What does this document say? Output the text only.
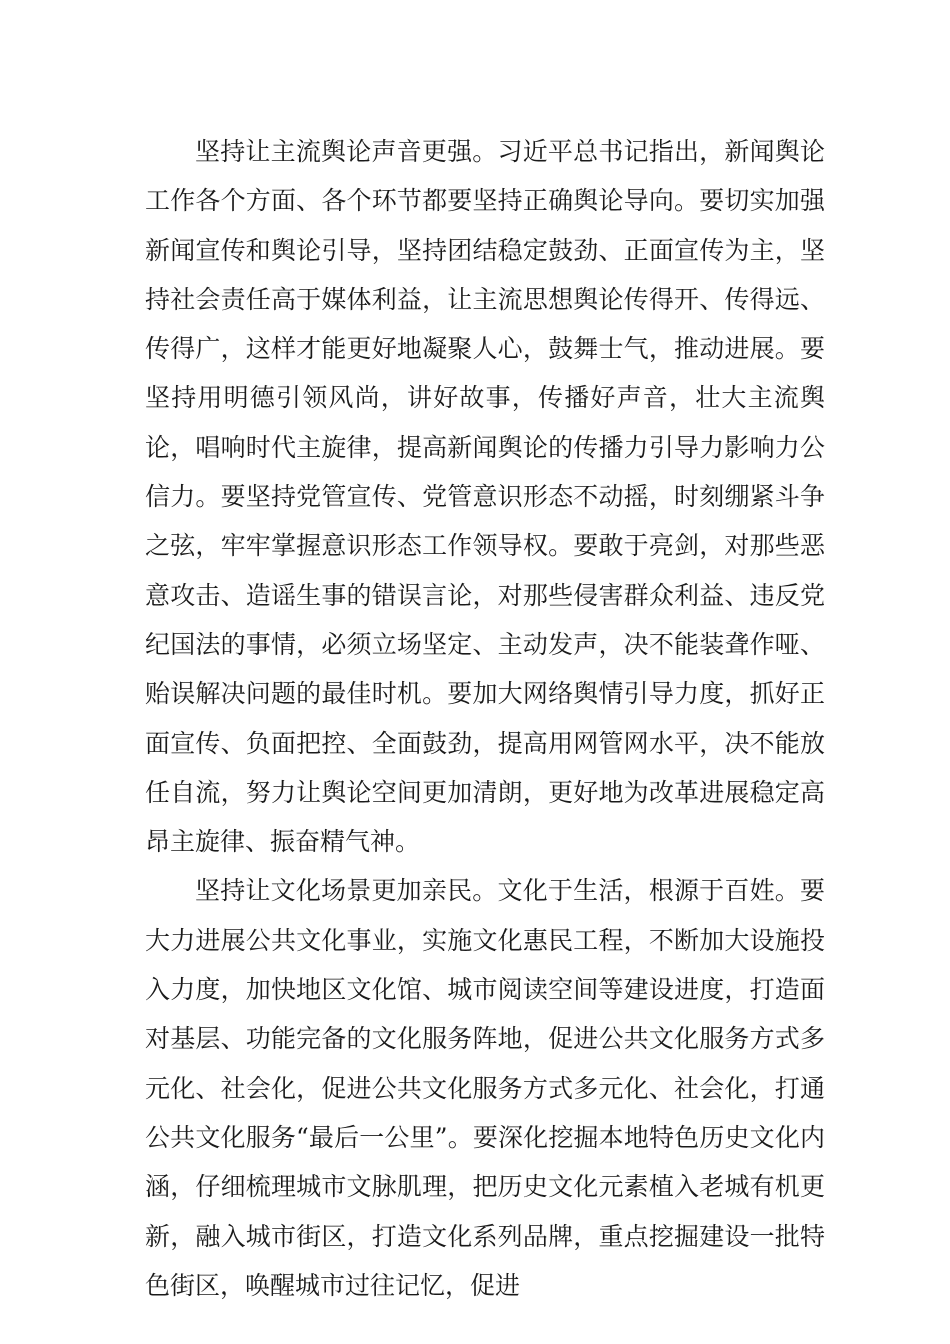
坚持让主流舆论声音更强。习近平总书记指出，新闻舆论工作各个方面、各个环节都要坚持正确舆论导向。要切实加强新闻宣传和舆论引导，坚持团结稳定鼓劲、正面宣传为主，坚持社会责任高于媒体利益，让主流思想舆论传得开、传得远、传得广，这样才能更好地凝聚人心，鼓舞士气，推动进展。要坚持用明德引领风尚，讲好故事，传播好声音，壮大主流舆论，唱响时代主旋律，提高新闻舆论的传播力引导力影响力公信力。要坚持党管宣传、党管意识形态不动摇，时刻绷紧斗争之弦，牢牢掌握意识形态工作领导权。要敢于亮剑，对那些恶意攻击、造谣生事的错误言论，对那些侵害群众利益、违反党纪国法的事情，必须立场坚定、主动发声，决不能装聋作哑、贻误解决问题的最佳时机。要加大网络舆情引导力度，抓好正面宣传、负面把控、全面鼓劲，提高用网管网水平，决不能放任自流，努力让舆论空间更加清朗，更好地为改革进展稳定高昂主旋律、振奋精气神。

坚持让文化场景更加亲民。文化于生活，根源于百姓。要大力进展公共文化事业，实施文化惠民工程，不断加大设施投入力度，加快地区文化馆、城市阅读空间等建设进度，打造面对基层、功能完备的文化服务阵地，促进公共文化服务方式多元化、社会化，促进公共文化服务方式多元化、社会化，打通公共文化服务“最后一公里”。要深化挖掘本地特色历史文化内涵，仔细梳理城市文脉肌理，把历史文化元素植入老城有机更新，融入城市街区，打造文化系列品牌，重点挖掘建设一批特色街区，唤醒城市过往记忆，促进
